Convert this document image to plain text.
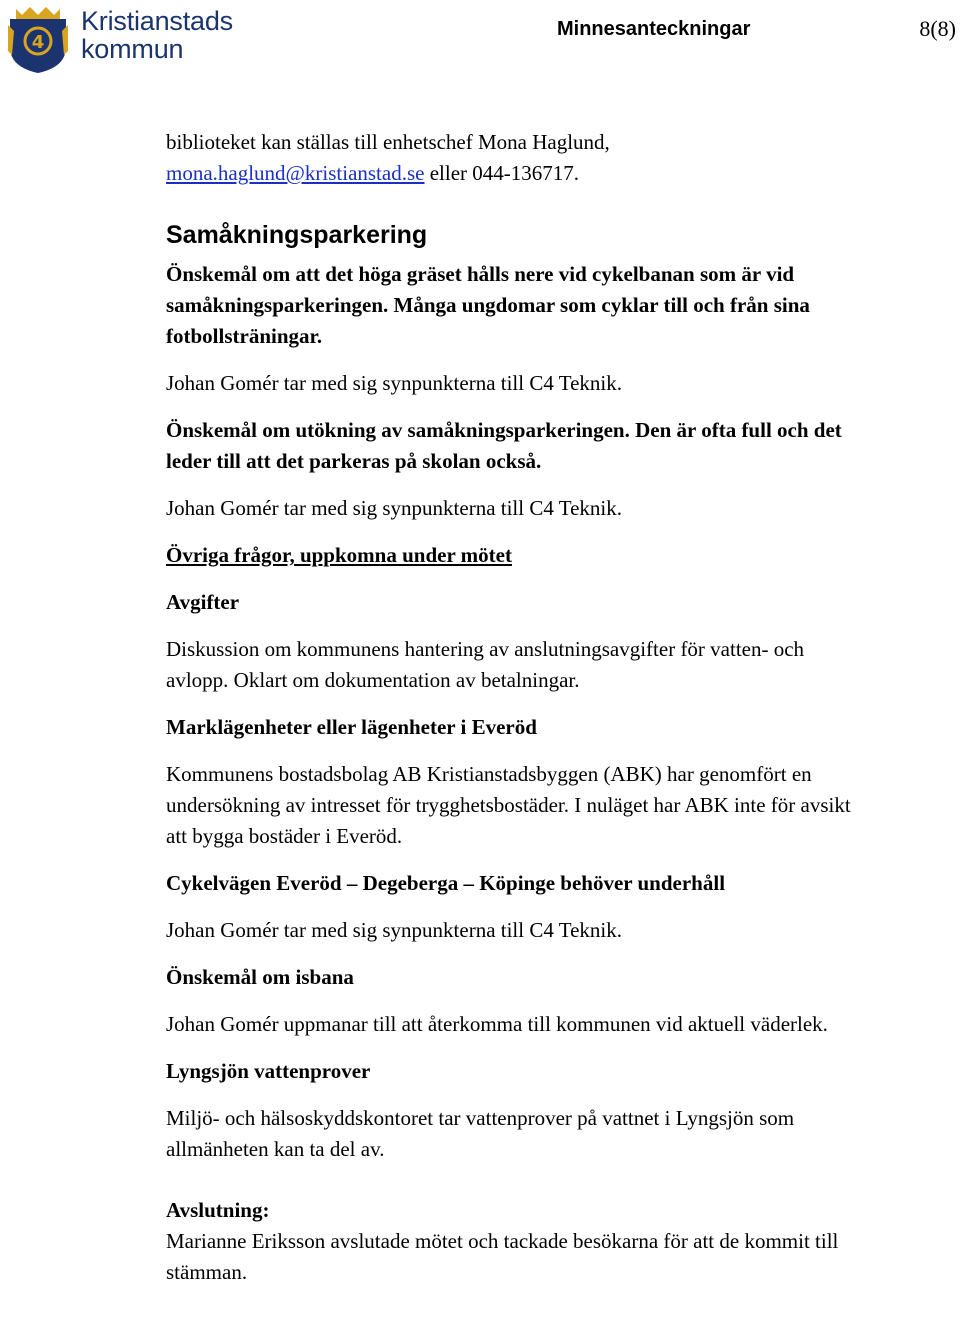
4
Kristianstads
kommun
Minnesanteckningar	8(8)

biblioteket kan ställas till enhetschef Mona Haglund,
mona.haglund@kristianstad.se eller 044-136717.

Samåkningsparkering

Önskemål om att det höga gräset hålls nere vid cykelbanan som är vid samåkningsparkeringen. Många ungdomar som cyklar till och från sina fotbollsträningar.

Johan Gomér tar med sig synpunkterna till C4 Teknik.

Önskemål om utökning av samåkningsparkeringen. Den är ofta full och det leder till att det parkeras på skolan också.

Johan Gomér tar med sig synpunkterna till C4 Teknik.

Övriga frågor, uppkomna under mötet

Avgifter

Diskussion om kommunens hantering av anslutningsavgifter för vatten- och avlopp. Oklart om dokumentation av betalningar.

Marklägenheter eller lägenheter i Everöd

Kommunens bostadsbolag AB Kristianstadsbyggen (ABK) har genomfört en undersökning av intresset för trygghetsbostäder. I nuläget har ABK inte för avsikt att bygga bostäder i Everöd.

Cykelvägen Everöd – Degeberga – Köpinge behöver underhåll

Johan Gomér tar med sig synpunkterna till C4 Teknik.

Önskemål om isbana

Johan Gomér uppmanar till att återkomma till kommunen vid aktuell väderlek.

Lyngsjön vattenprover

Miljö- och hälsoskyddskontoret tar vattenprover på vattnet i Lyngsjön som allmänheten kan ta del av.

Avslutning:

Marianne Eriksson avslutade mötet och tackade besökarna för att de kommit till stämman.
